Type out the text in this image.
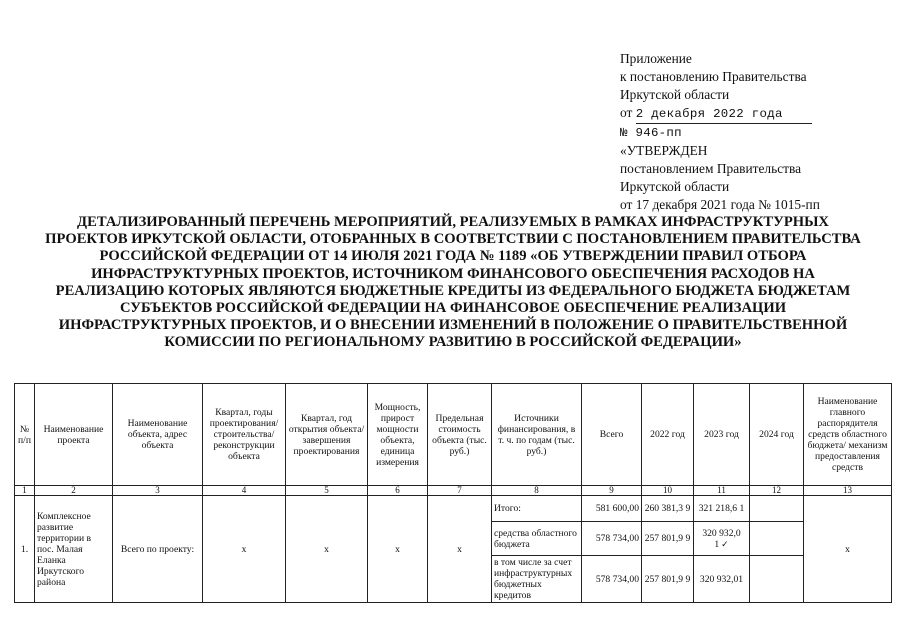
Приложение
к постановлению Правительства
Иркутской области
от 2 декабря 2022 года
№ 946-пп
«УТВЕРЖДЕН
постановлением Правительства
Иркутской области
от 17 декабря 2021 года № 1015-пп
ДЕТАЛИЗИРОВАННЫЙ ПЕРЕЧЕНЬ МЕРОПРИЯТИЙ, РЕАЛИЗУЕМЫХ В РАМКАХ ИНФРАСТРУКТУРНЫХ ПРОЕКТОВ ИРКУТСКОЙ ОБЛАСТИ, ОТОБРАННЫХ В СООТВЕТСТВИИ С ПОСТАНОВЛЕНИЕМ ПРАВИТЕЛЬСТВА РОССИЙСКОЙ ФЕДЕРАЦИИ ОТ 14 ИЮЛЯ 2021 ГОДА № 1189 «ОБ УТВЕРЖДЕНИИ ПРАВИЛ ОТБОРА ИНФРАСТРУКТУРНЫХ ПРОЕКТОВ, ИСТОЧНИКОМ ФИНАНСОВОГО ОБЕСПЕЧЕНИЯ РАСХОДОВ НА РЕАЛИЗАЦИЮ КОТОРЫХ ЯВЛЯЮТСЯ БЮДЖЕТНЫЕ КРЕДИТЫ ИЗ ФЕДЕРАЛЬНОГО БЮДЖЕТА БЮДЖЕТАМ СУБЪЕКТОВ РОССИЙСКОЙ ФЕДЕРАЦИИ НА ФИНАНСОВОЕ ОБЕСПЕЧЕНИЕ РЕАЛИЗАЦИИ ИНФРАСТРУКТУРНЫХ ПРОЕКТОВ, И О ВНЕСЕНИИ ИЗМЕНЕНИЙ В ПОЛОЖЕНИЕ О ПРАВИТЕЛЬСТВЕННОЙ КОМИССИИ ПО РЕГИОНАЛЬНОМУ РАЗВИТИЮ В РОССИЙСКОЙ ФЕДЕРАЦИИ»
№ п/п	Наименование проекта	Наименование объекта, адрес объекта	Квартал, годы проектирования/ строительства/ реконструкции объекта	Квартал, год открытия объекта/ завершения проектирования	Мощность, прирост мощности объекта, единица измерения	Предельная стоимость объекта (тыс. руб.)	Источники финансирования, в т. ч. по годам (тыс. руб.)	Всего	2022 год	2023 год	2024 год	Наименование главного распорядителя средств областного бюджета/ механизм предоставления средств
1	2	3	4	5	6	7	8	9	10	11	12	13
1.	Комплексное развитие территории в пос. Малая Еланка Иркутского района	Всего по проекту:	х	х	х	х	Итого:	581 600,00	260 381,3 9	321 218,6 1		х
							средства областного бюджета	578 734,00	257 801,9 9	320 932,0 1 ✓		
							в том числе за счет инфраструктурных бюджетных кредитов	578 734,00	257 801,9 9	320 932,01		
